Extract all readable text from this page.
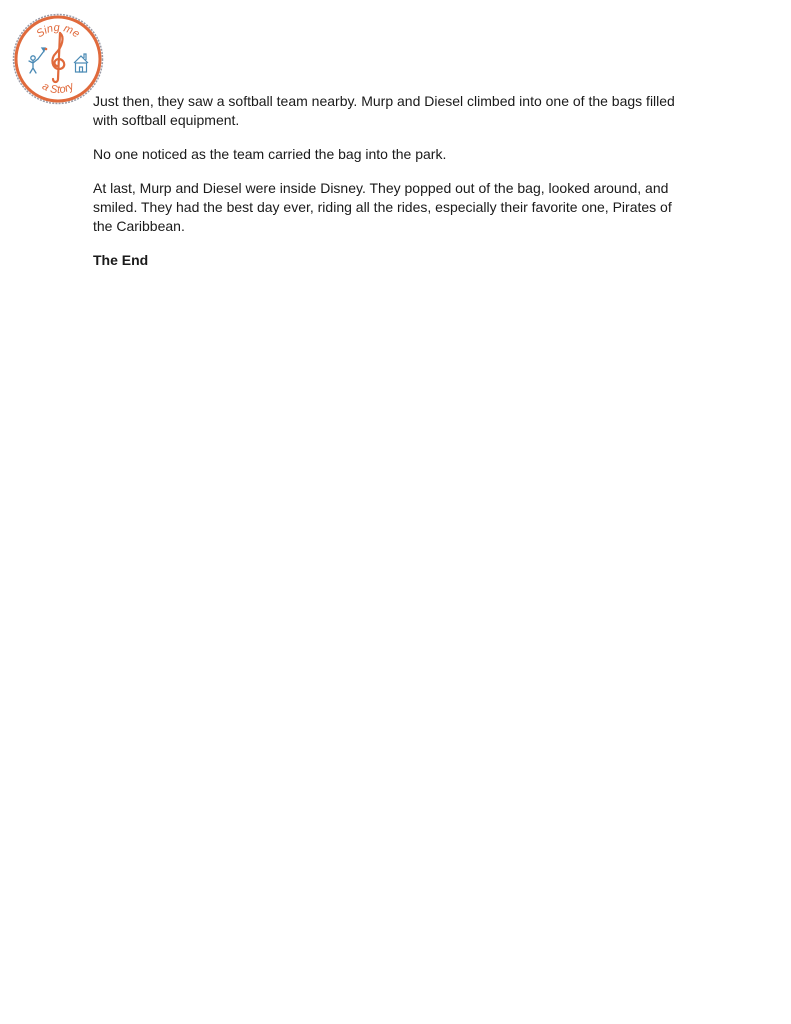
Sing me
a Story

Just then, they saw a softball team nearby. Murp and Diesel climbed into one of the bags filled with softball equipment.

No one noticed as the team carried the bag into the park.

At last, Murp and Diesel were inside Disney. They popped out of the bag, looked around, and smiled. They had the best day ever, riding all the rides, especially their favorite one, Pirates of the Caribbean.

The End
